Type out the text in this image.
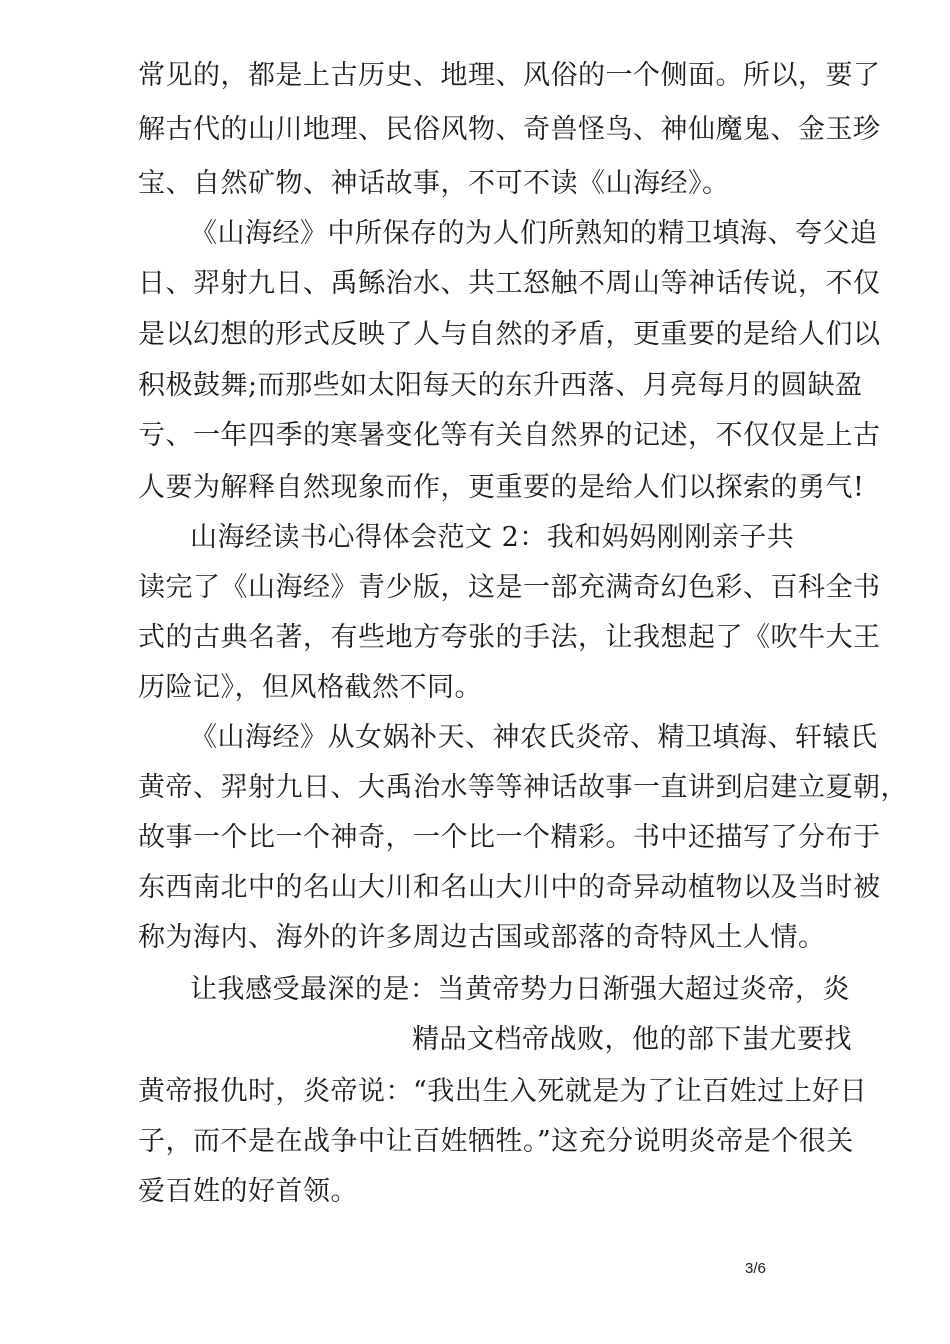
常见的，都是上古历史、地理、风俗的一个侧面。所以，要了
解古代的山川地理、民俗风物、奇兽怪鸟、神仙魔鬼、金玉珍
宝、自然矿物、神话故事，不可不读《山海经》。
《山海经》中所保存的为人们所熟知的精卫填海、夸父追
日、羿射九日、禹鲧治水、共工怒触不周山等神话传说，不仅
是以幻想的形式反映了人与自然的矛盾，更重要的是给人们以
积极鼓舞;而那些如太阳每天的东升西落、月亮每月的圆缺盈
亏、一年四季的寒暑变化等有关自然界的记述，不仅仅是上古
人要为解释自然现象而作，更重要的是给人们以探索的勇气!
山海经读书心得体会范文 2：我和妈妈刚刚亲子共
读完了《山海经》青少版，这是一部充满奇幻色彩、百科全书
式的古典名著，有些地方夸张的手法，让我想起了《吹牛大王
历险记》，但风格截然不同。
《山海经》从女娲补天、神农氏炎帝、精卫填海、轩辕氏
黄帝、羿射九日、大禹治水等等神话故事一直讲到启建立夏朝，
故事一个比一个神奇，一个比一个精彩。书中还描写了分布于
东西南北中的名山大川和名山大川中的奇异动植物以及当时被
称为海内、海外的许多周边古国或部落的奇特风土人情。
让我感受最深的是：当黄帝势力日渐强大超过炎帝，炎
精品文档帝战败，他的部下蚩尤要找
黄帝报仇时，炎帝说：“我出生入死就是为了让百姓过上好日
子，而不是在战争中让百姓牺牲。”这充分说明炎帝是个很关
爱百姓的好首领。
3/6
